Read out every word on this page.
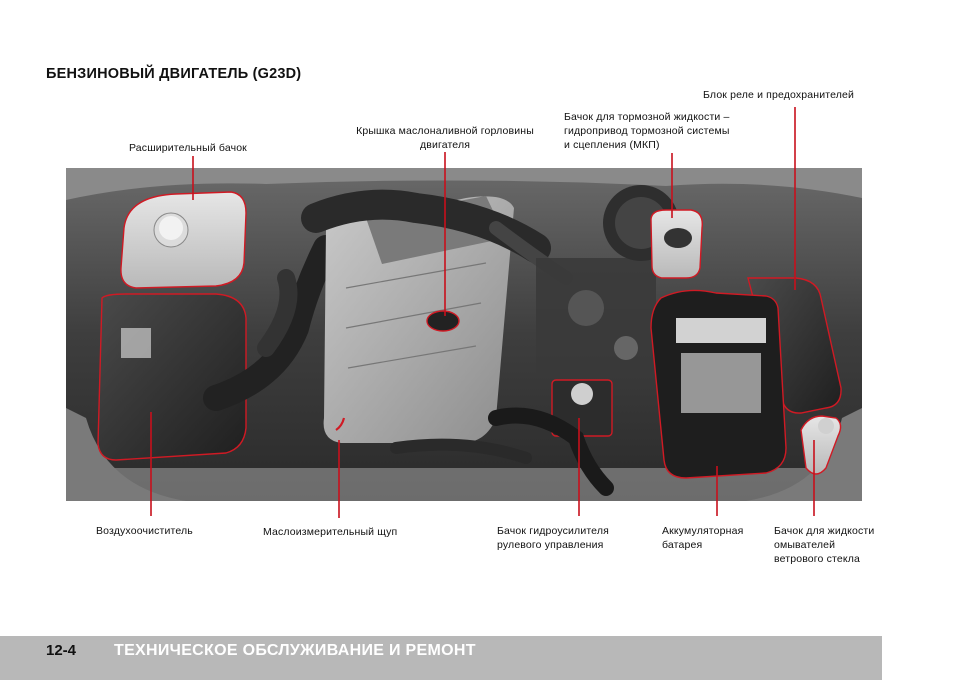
БЕНЗИНОВЫЙ ДВИГАТЕЛЬ (G23D)
Расширительный бачок
Крышка маслоналивной горловины
двигателя
Бачок для тормозной жидкости –
гидропривод тормозной системы
и сцепления (МКП)
Блок реле и предохранителей
Воздухоочиститель	Маслоизмерительный щуп	Бачок гидроусилителя
рулевого управления
Аккумуляторная
батарея
Бачок для жидкости
омывателей
ветрового стекла
12-4 ТЕХНИЧЕСКОЕ ОБСЛУЖИВАНИЕ И РЕМОНТ
